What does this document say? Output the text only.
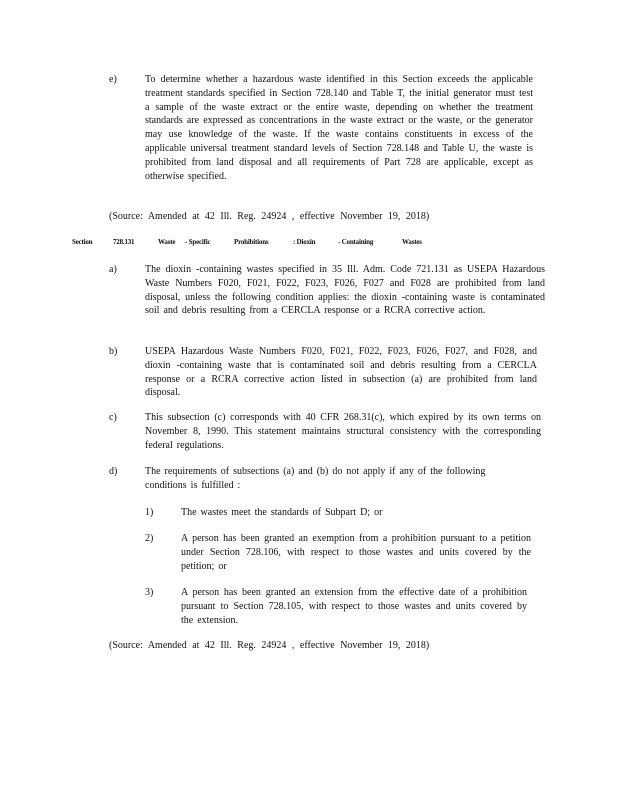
e)	To determine whether a hazardous waste identified in this Section exceeds the applicable treatment standards specified in Section 728.140 and Table T, the initial generator must test a sample of the waste extract or the entire waste, depending on whether the treatment standards are expressed as concentrations in the waste extract or the waste, or the generator may use knowledge of the waste. If the waste contains constituents in excess of the applicable universal treatment standard levels of Section 728.148 and Table U, the waste is prohibited from land disposal and all requirements of Part 728 are applicable, except as otherwise specified.
(Source: Amended at 42 Ill. Reg. 24924 , effective November 19, 2018)
Section	728.131	Waste - Specific	Prohibitions	: Dioxin	- Containing	Wastes
a)	The dioxin -containing wastes specified in 35 Ill. Adm. Code 721.131 as USEPA Hazardous Waste Numbers F020, F021, F022, F023, F026, F027 and F028 are prohibited from land disposal, unless the following condition applies: the dioxin -containing waste is contaminated soil and debris resulting from a CERCLA response or a RCRA corrective action.
b)	USEPA Hazardous Waste Numbers F020, F021, F022, F023, F026, F027, and F028, and dioxin -containing waste that is contaminated soil and debris resulting from a CERCLA response or a RCRA corrective action listed in subsection (a) are prohibited from land disposal.
c)	This subsection (c) corresponds with 40 CFR 268.31(c), which expired by its own terms on November 8, 1990. This statement maintains structural consistency with the corresponding federal regulations.
d)	The requirements of subsections (a) and (b) do not apply if any of the following conditions is fulfilled :
1)	The wastes meet the standards of Subpart D; or
2)	A person has been granted an exemption from a prohibition pursuant to a petition under Section 728.106, with respect to those wastes and units covered by the petition; or
3)	A person has been granted an extension from the effective date of a prohibition pursuant to Section 728.105, with respect to those wastes and units covered by the extension.
(Source: Amended at 42 Ill. Reg. 24924 , effective November 19, 2018)
